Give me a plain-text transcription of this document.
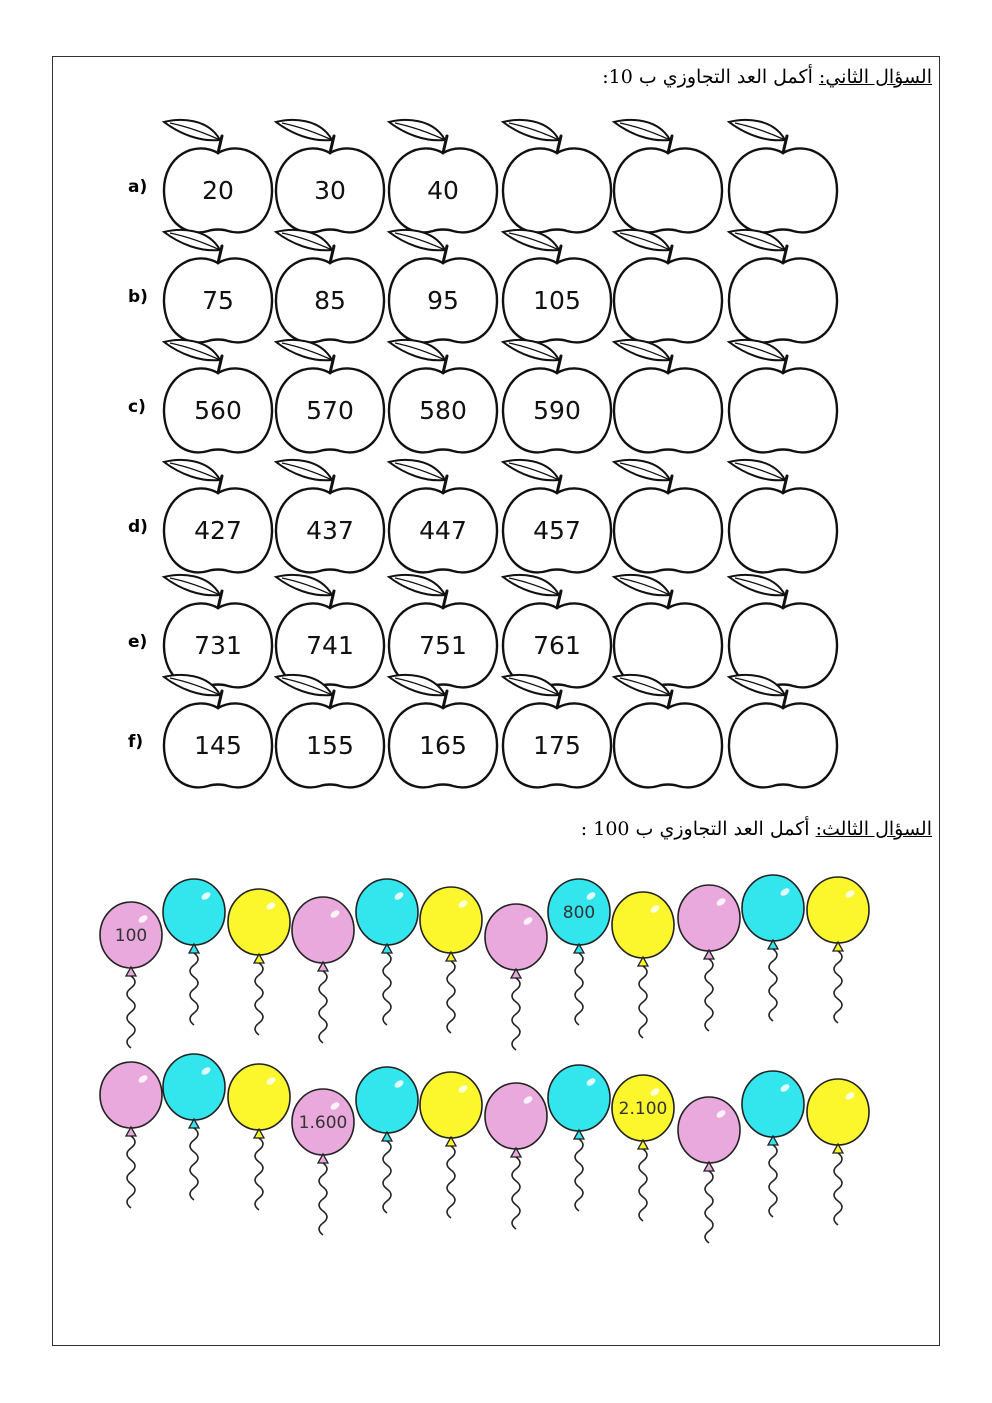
السؤال الثاني: أكمل العد التجاوزي ب 10:
a) 20	30	40
b) 75	85	95	105
c) 560	570	580	590
d) 427	437	447	457
e) 731	741	751	761
f) 145	155	165	175
السؤال الثالث: أكمل العد التجاوزي ب 100 :
100
800
1.600
2.100
